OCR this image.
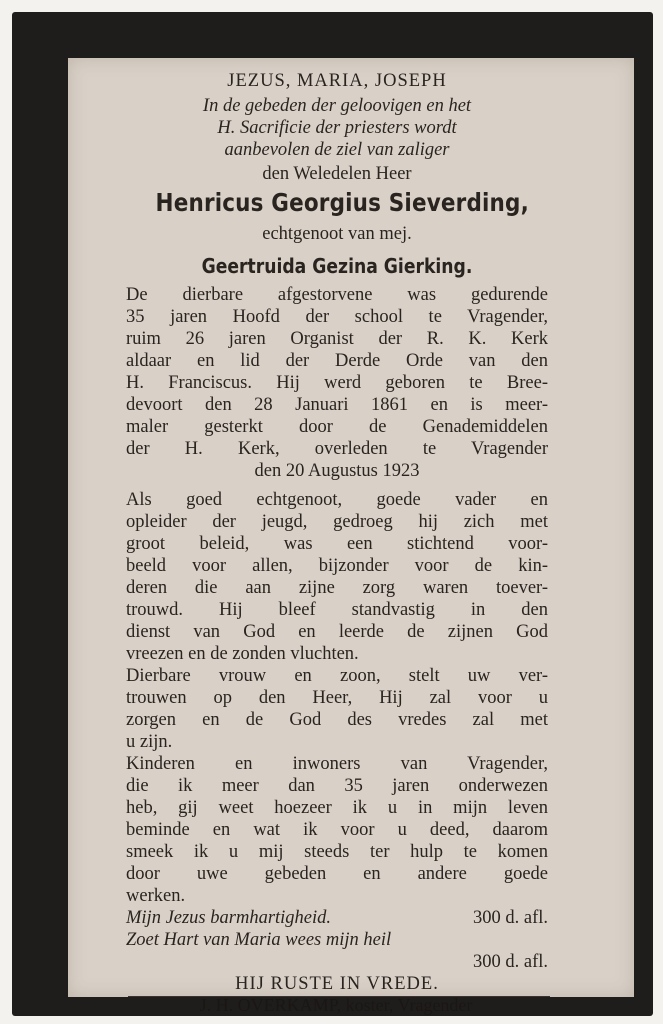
JEZUS, MARIA, JOSEPH
In de gebeden der geloovigen en het
H. Sacrificie der priesters wordt
aanbevolen de ziel van zaliger
den Weledelen Heer
Henricus Georgius Sieverding,
echtgenoot van mej.
Geertruida Gezina Gierking.
De dierbare afgestorvene was gedurende
35 jaren Hoofd der school te Vragender,
ruim 26 jaren Organist der R. K. Kerk
aldaar en lid der Derde Orde van den
H. Franciscus. Hij werd geboren te Bree-
devoort den 28 Januari 1861 en is meer-
maler gesterkt door de Genademiddelen
der H. Kerk, overleden te Vragender
den 20 Augustus 1923
Als goed echtgenoot, goede vader en
opleider der jeugd, gedroeg hij zich met
groot beleid, was een stichtend voor-
beeld voor allen, bijzonder voor de kin-
deren die aan zijne zorg waren toever-
trouwd. Hij bleef standvastig in den
dienst van God en leerde de zijnen God
vreezen en de zonden vluchten.
Dierbare vrouw en zoon, stelt uw ver-
trouwen op den Heer, Hij zal voor u
zorgen en de God des vredes zal met
u zijn.
Kinderen en inwoners van Vragender,
die ik meer dan 35 jaren onderwezen
heb, gij weet hoezeer ik u in mijn leven
beminde en wat ik voor u deed, daarom
smeek ik u mij steeds ter hulp te komen
door uwe gebeden en andere goede
werken.
Mijn Jezus barmhartigheid.	300 d. afl.
Zoet Hart van Maria wees mijn heil
300 d. afl.
HIJ RUSTE IN VREDE.
J. H. OVERKAMP, koster, Vragender
